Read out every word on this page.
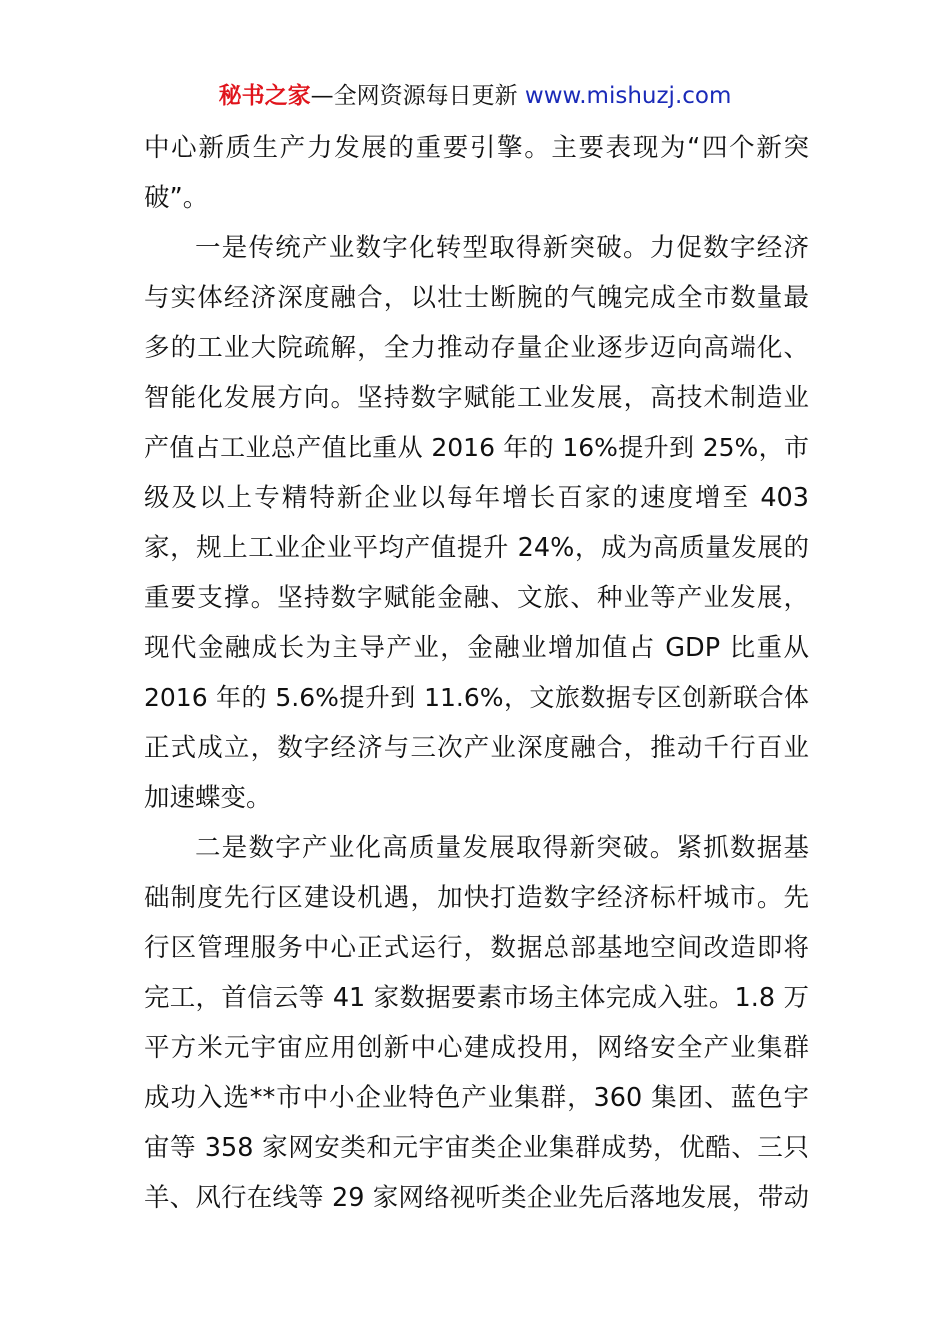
秘书之家—全网资源每日更新 www.mishuzj.com
中心新质生产力发展的重要引擎。主要表现为“四个新突
破”。
一是传统产业数字化转型取得新突破。力促数字经济
与实体经济深度融合，以壮士断腕的气魄完成全市数量最
多的工业大院疏解，全力推动存量企业逐步迈向高端化、
智能化发展方向。坚持数字赋能工业发展，高技术制造业
产值占工业总产值比重从 2016 年的 16%提升到 25%，市
级及以上专精特新企业以每年增长百家的速度增至 403
家，规上工业企业平均产值提升 24%，成为高质量发展的
重要支撑。坚持数字赋能金融、文旅、种业等产业发展，
现代金融成长为主导产业，金融业增加值占 GDP 比重从
2016 年的 5.6%提升到 11.6%，文旅数据专区创新联合体
正式成立，数字经济与三次产业深度融合，推动千行百业
加速蝶变。
二是数字产业化高质量发展取得新突破。紧抓数据基
础制度先行区建设机遇，加快打造数字经济标杆城市。先
行区管理服务中心正式运行，数据总部基地空间改造即将
完工，首信云等 41 家数据要素市场主体完成入驻。1.8 万
平方米元宇宙应用创新中心建成投用，网络安全产业集群
成功入选**市中小企业特色产业集群，360 集团、蓝色宇
宙等 358 家网安类和元宇宙类企业集群成势，优酷、三只
羊、风行在线等 29 家网络视听类企业先后落地发展，带动
